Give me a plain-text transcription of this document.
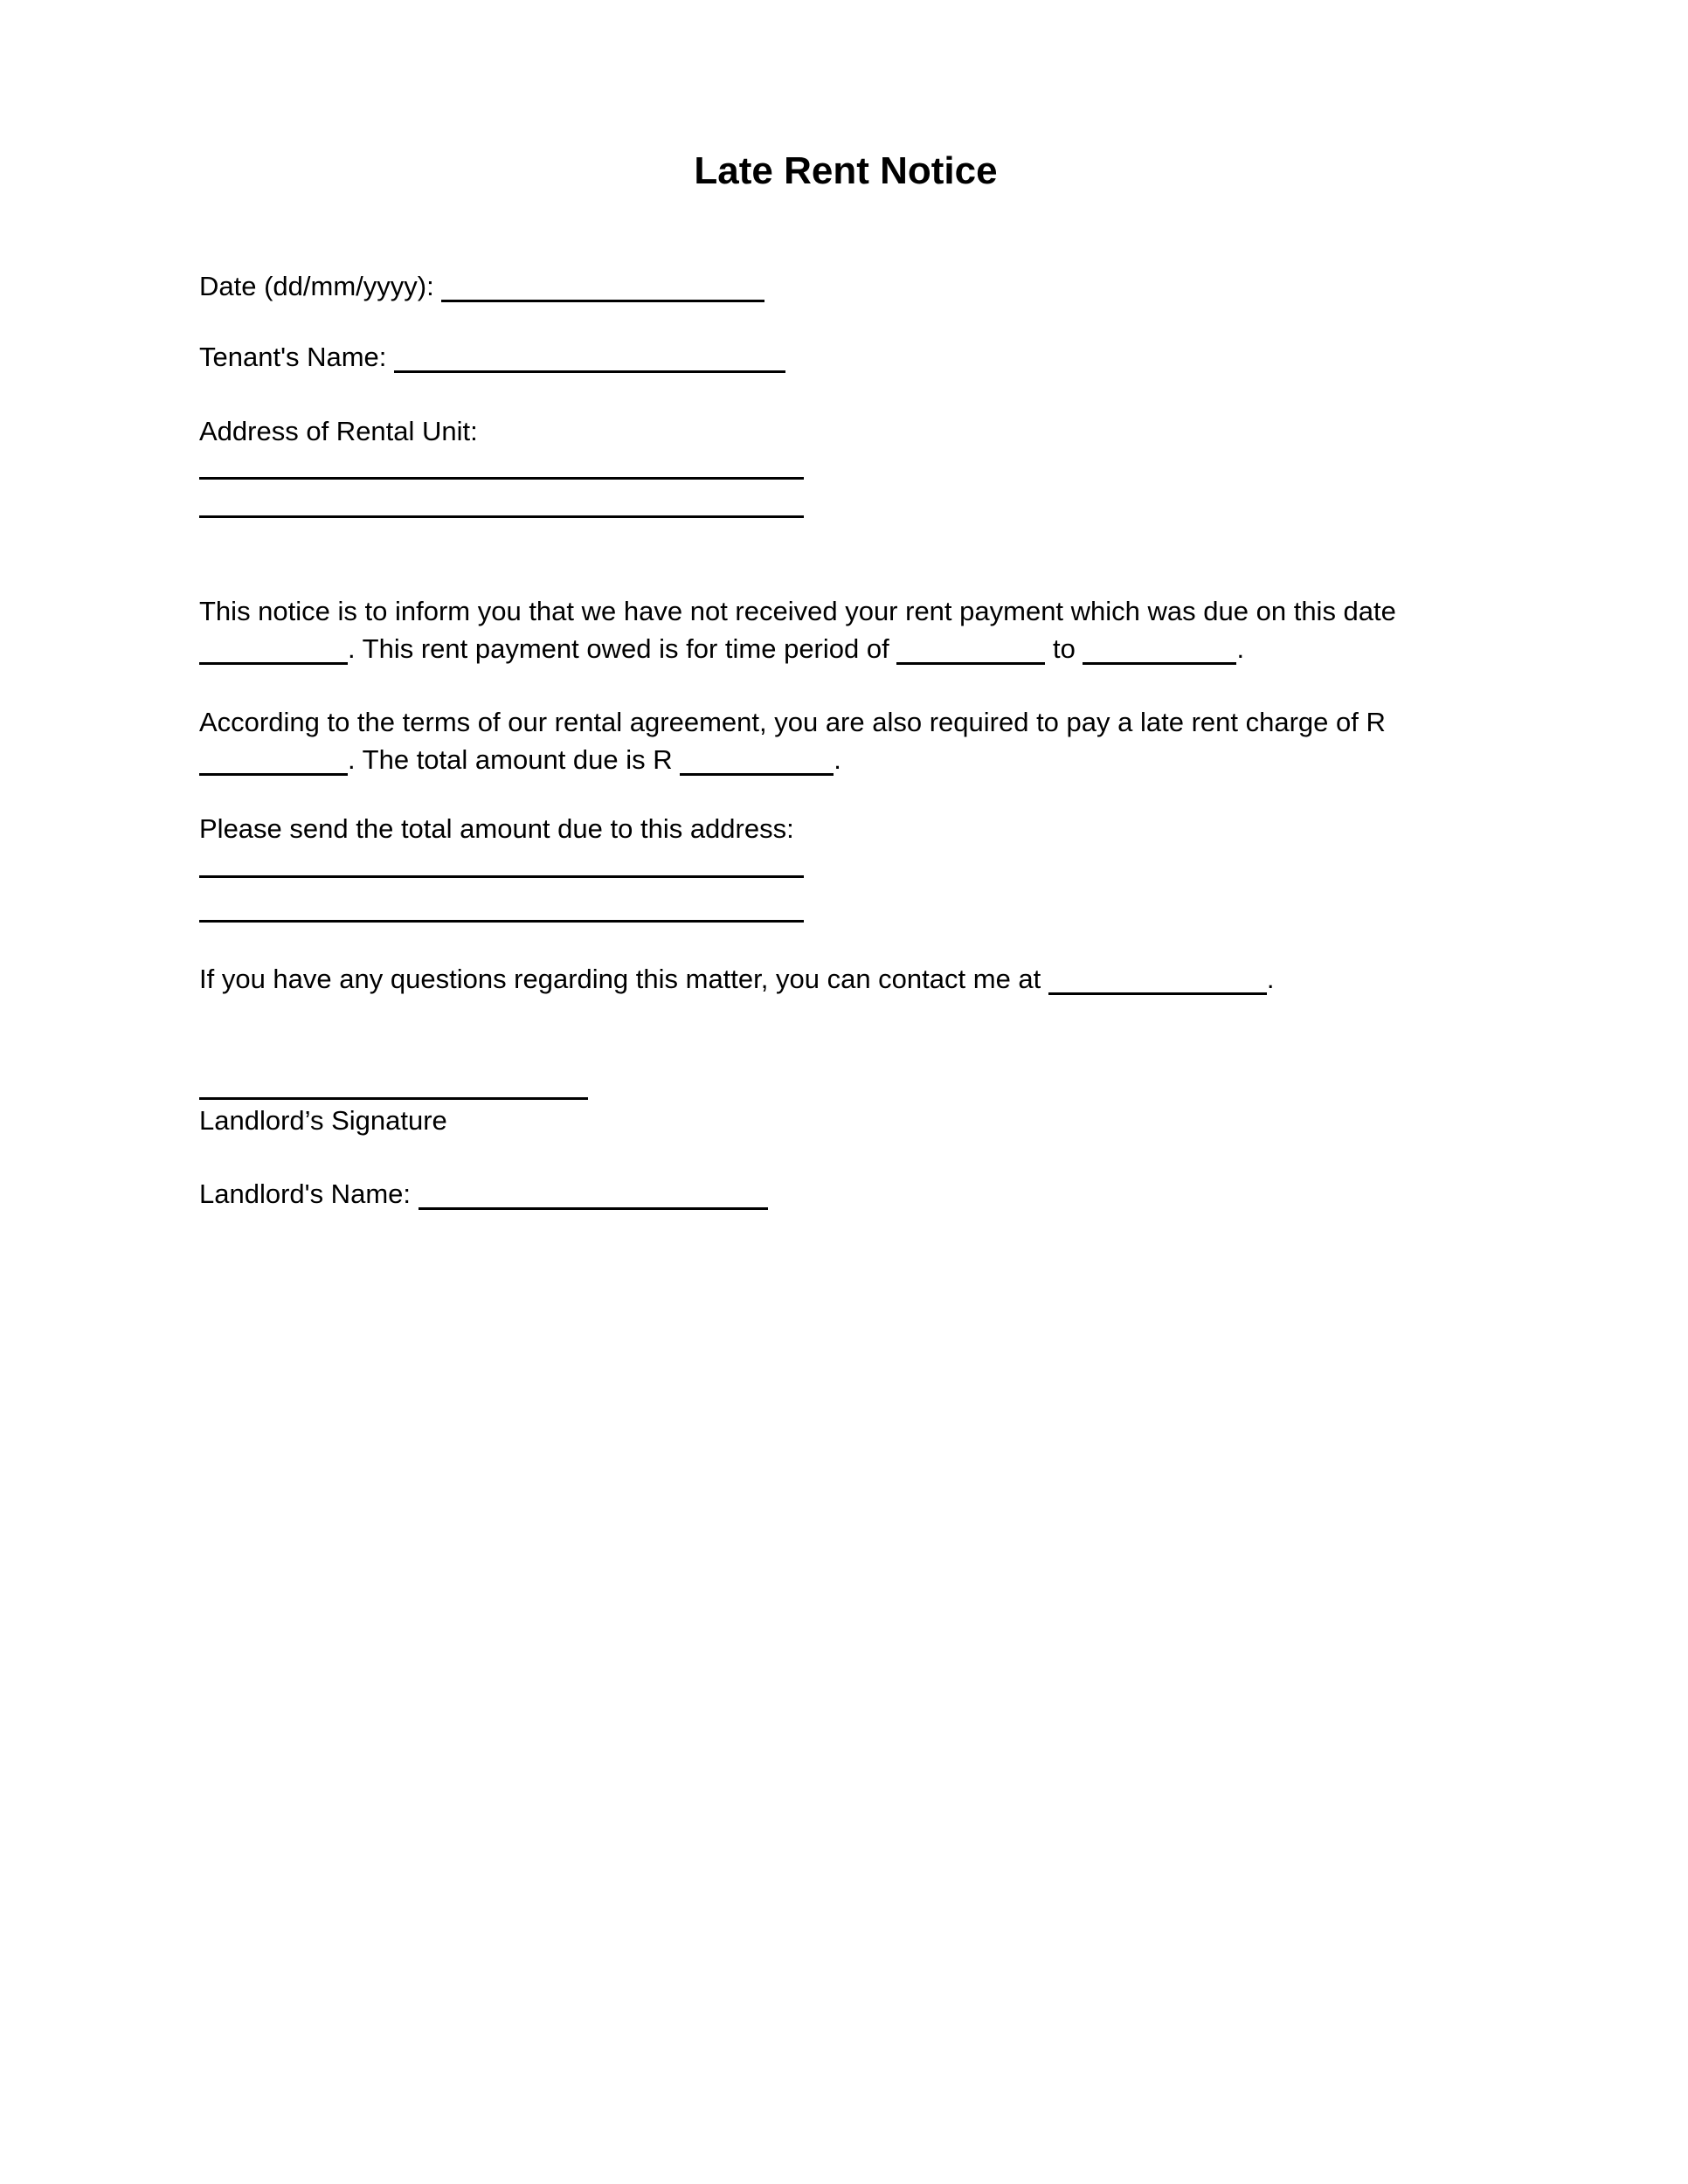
Late Rent Notice

Date (dd/mm/yyyy):

Tenant's Name:

Address of Rental Unit:

This notice is to inform you that we have not received your rent payment which was due on this date . This rent payment owed is for time period of	to	.

According to the terms of our rental agreement, you are also required to pay a late rent charge of R . The total amount due is R	.

Please send the total amount due to this address:

If you have any questions regarding this matter, you can contact me at	.

Landlord’s Signature

Landlord's Name:
